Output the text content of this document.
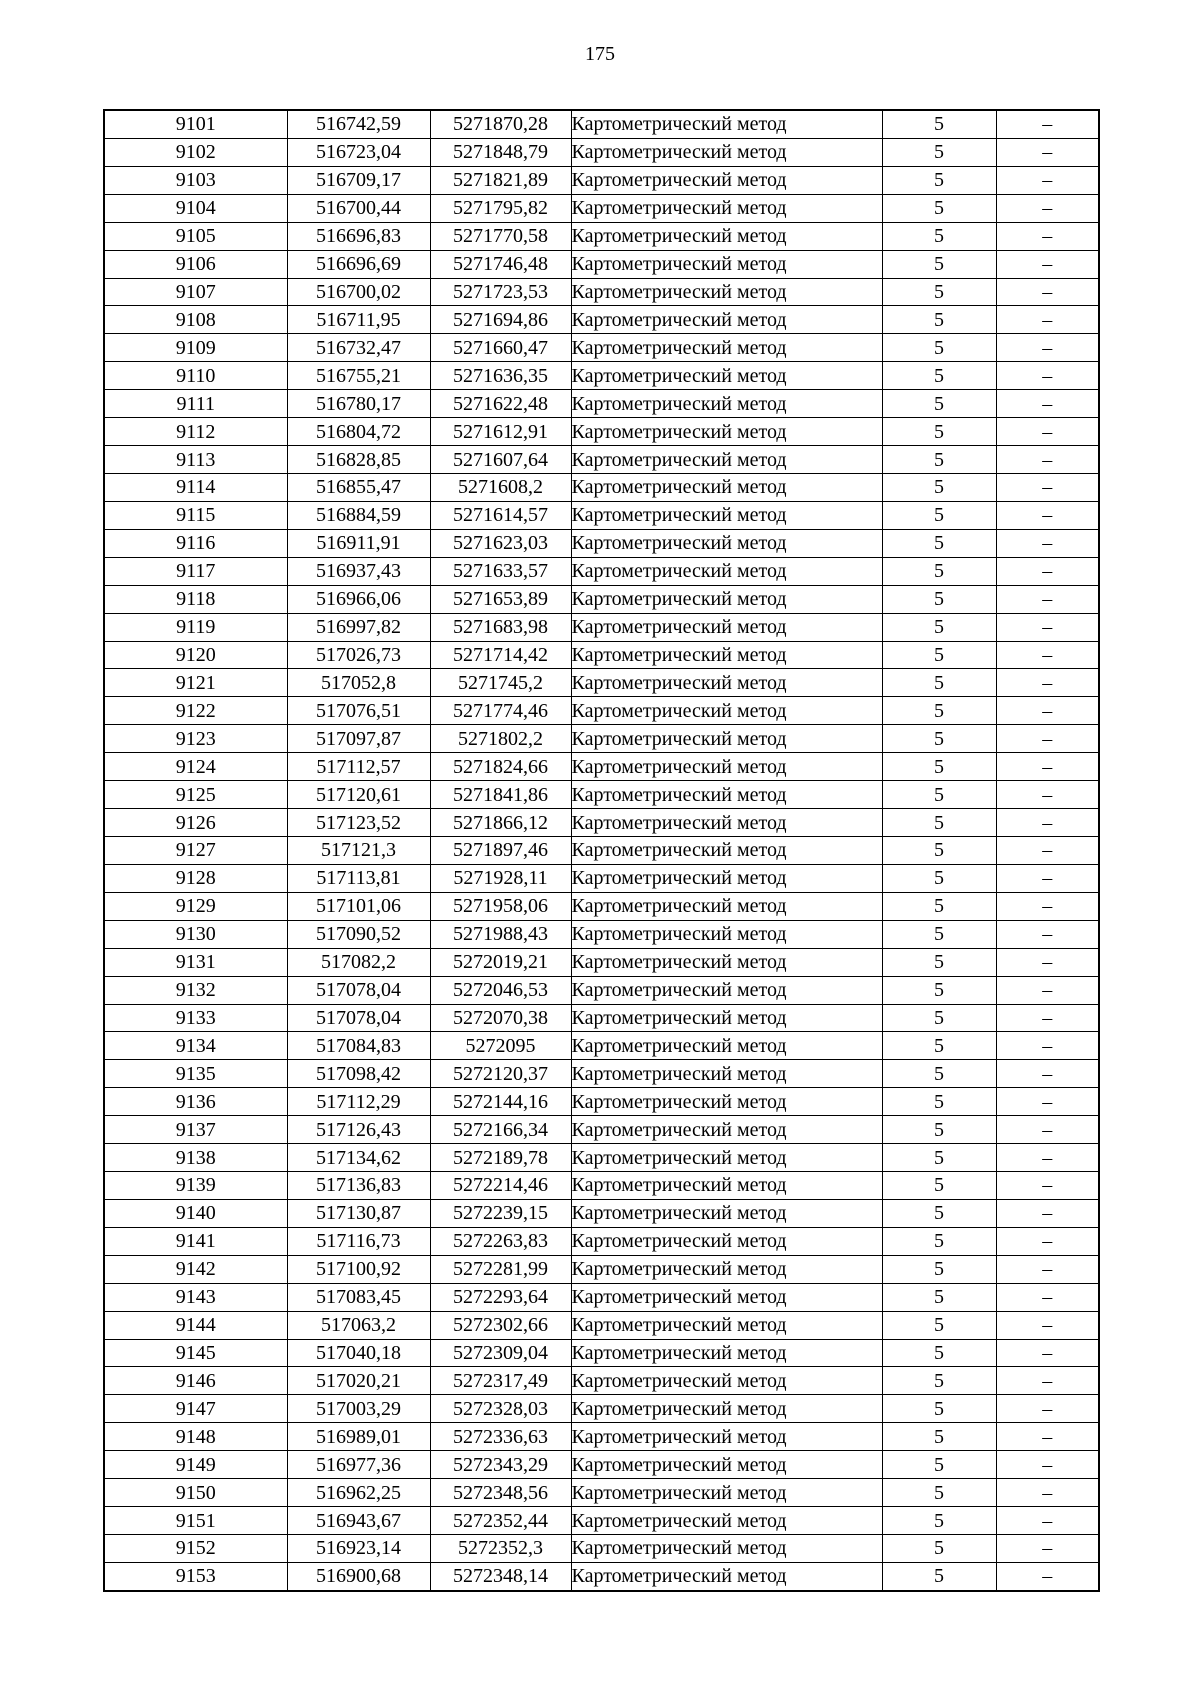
175
9101	516742,59	5271870,28	Картометрический метод	5	–
9102	516723,04	5271848,79	Картометрический метод	5	–
9103	516709,17	5271821,89	Картометрический метод	5	–
9104	516700,44	5271795,82	Картометрический метод	5	–
9105	516696,83	5271770,58	Картометрический метод	5	–
9106	516696,69	5271746,48	Картометрический метод	5	–
9107	516700,02	5271723,53	Картометрический метод	5	–
9108	516711,95	5271694,86	Картометрический метод	5	–
9109	516732,47	5271660,47	Картометрический метод	5	–
9110	516755,21	5271636,35	Картометрический метод	5	–
9111	516780,17	5271622,48	Картометрический метод	5	–
9112	516804,72	5271612,91	Картометрический метод	5	–
9113	516828,85	5271607,64	Картометрический метод	5	–
9114	516855,47	5271608,2	Картометрический метод	5	–
9115	516884,59	5271614,57	Картометрический метод	5	–
9116	516911,91	5271623,03	Картометрический метод	5	–
9117	516937,43	5271633,57	Картометрический метод	5	–
9118	516966,06	5271653,89	Картометрический метод	5	–
9119	516997,82	5271683,98	Картометрический метод	5	–
9120	517026,73	5271714,42	Картометрический метод	5	–
9121	517052,8	5271745,2	Картометрический метод	5	–
9122	517076,51	5271774,46	Картометрический метод	5	–
9123	517097,87	5271802,2	Картометрический метод	5	–
9124	517112,57	5271824,66	Картометрический метод	5	–
9125	517120,61	5271841,86	Картометрический метод	5	–
9126	517123,52	5271866,12	Картометрический метод	5	–
9127	517121,3	5271897,46	Картометрический метод	5	–
9128	517113,81	5271928,11	Картометрический метод	5	–
9129	517101,06	5271958,06	Картометрический метод	5	–
9130	517090,52	5271988,43	Картометрический метод	5	–
9131	517082,2	5272019,21	Картометрический метод	5	–
9132	517078,04	5272046,53	Картометрический метод	5	–
9133	517078,04	5272070,38	Картометрический метод	5	–
9134	517084,83	5272095	Картометрический метод	5	–
9135	517098,42	5272120,37	Картометрический метод	5	–
9136	517112,29	5272144,16	Картометрический метод	5	–
9137	517126,43	5272166,34	Картометрический метод	5	–
9138	517134,62	5272189,78	Картометрический метод	5	–
9139	517136,83	5272214,46	Картометрический метод	5	–
9140	517130,87	5272239,15	Картометрический метод	5	–
9141	517116,73	5272263,83	Картометрический метод	5	–
9142	517100,92	5272281,99	Картометрический метод	5	–
9143	517083,45	5272293,64	Картометрический метод	5	–
9144	517063,2	5272302,66	Картометрический метод	5	–
9145	517040,18	5272309,04	Картометрический метод	5	–
9146	517020,21	5272317,49	Картометрический метод	5	–
9147	517003,29	5272328,03	Картометрический метод	5	–
9148	516989,01	5272336,63	Картометрический метод	5	–
9149	516977,36	5272343,29	Картометрический метод	5	–
9150	516962,25	5272348,56	Картометрический метод	5	–
9151	516943,67	5272352,44	Картометрический метод	5	–
9152	516923,14	5272352,3	Картометрический метод	5	–
9153	516900,68	5272348,14	Картометрический метод	5	–
